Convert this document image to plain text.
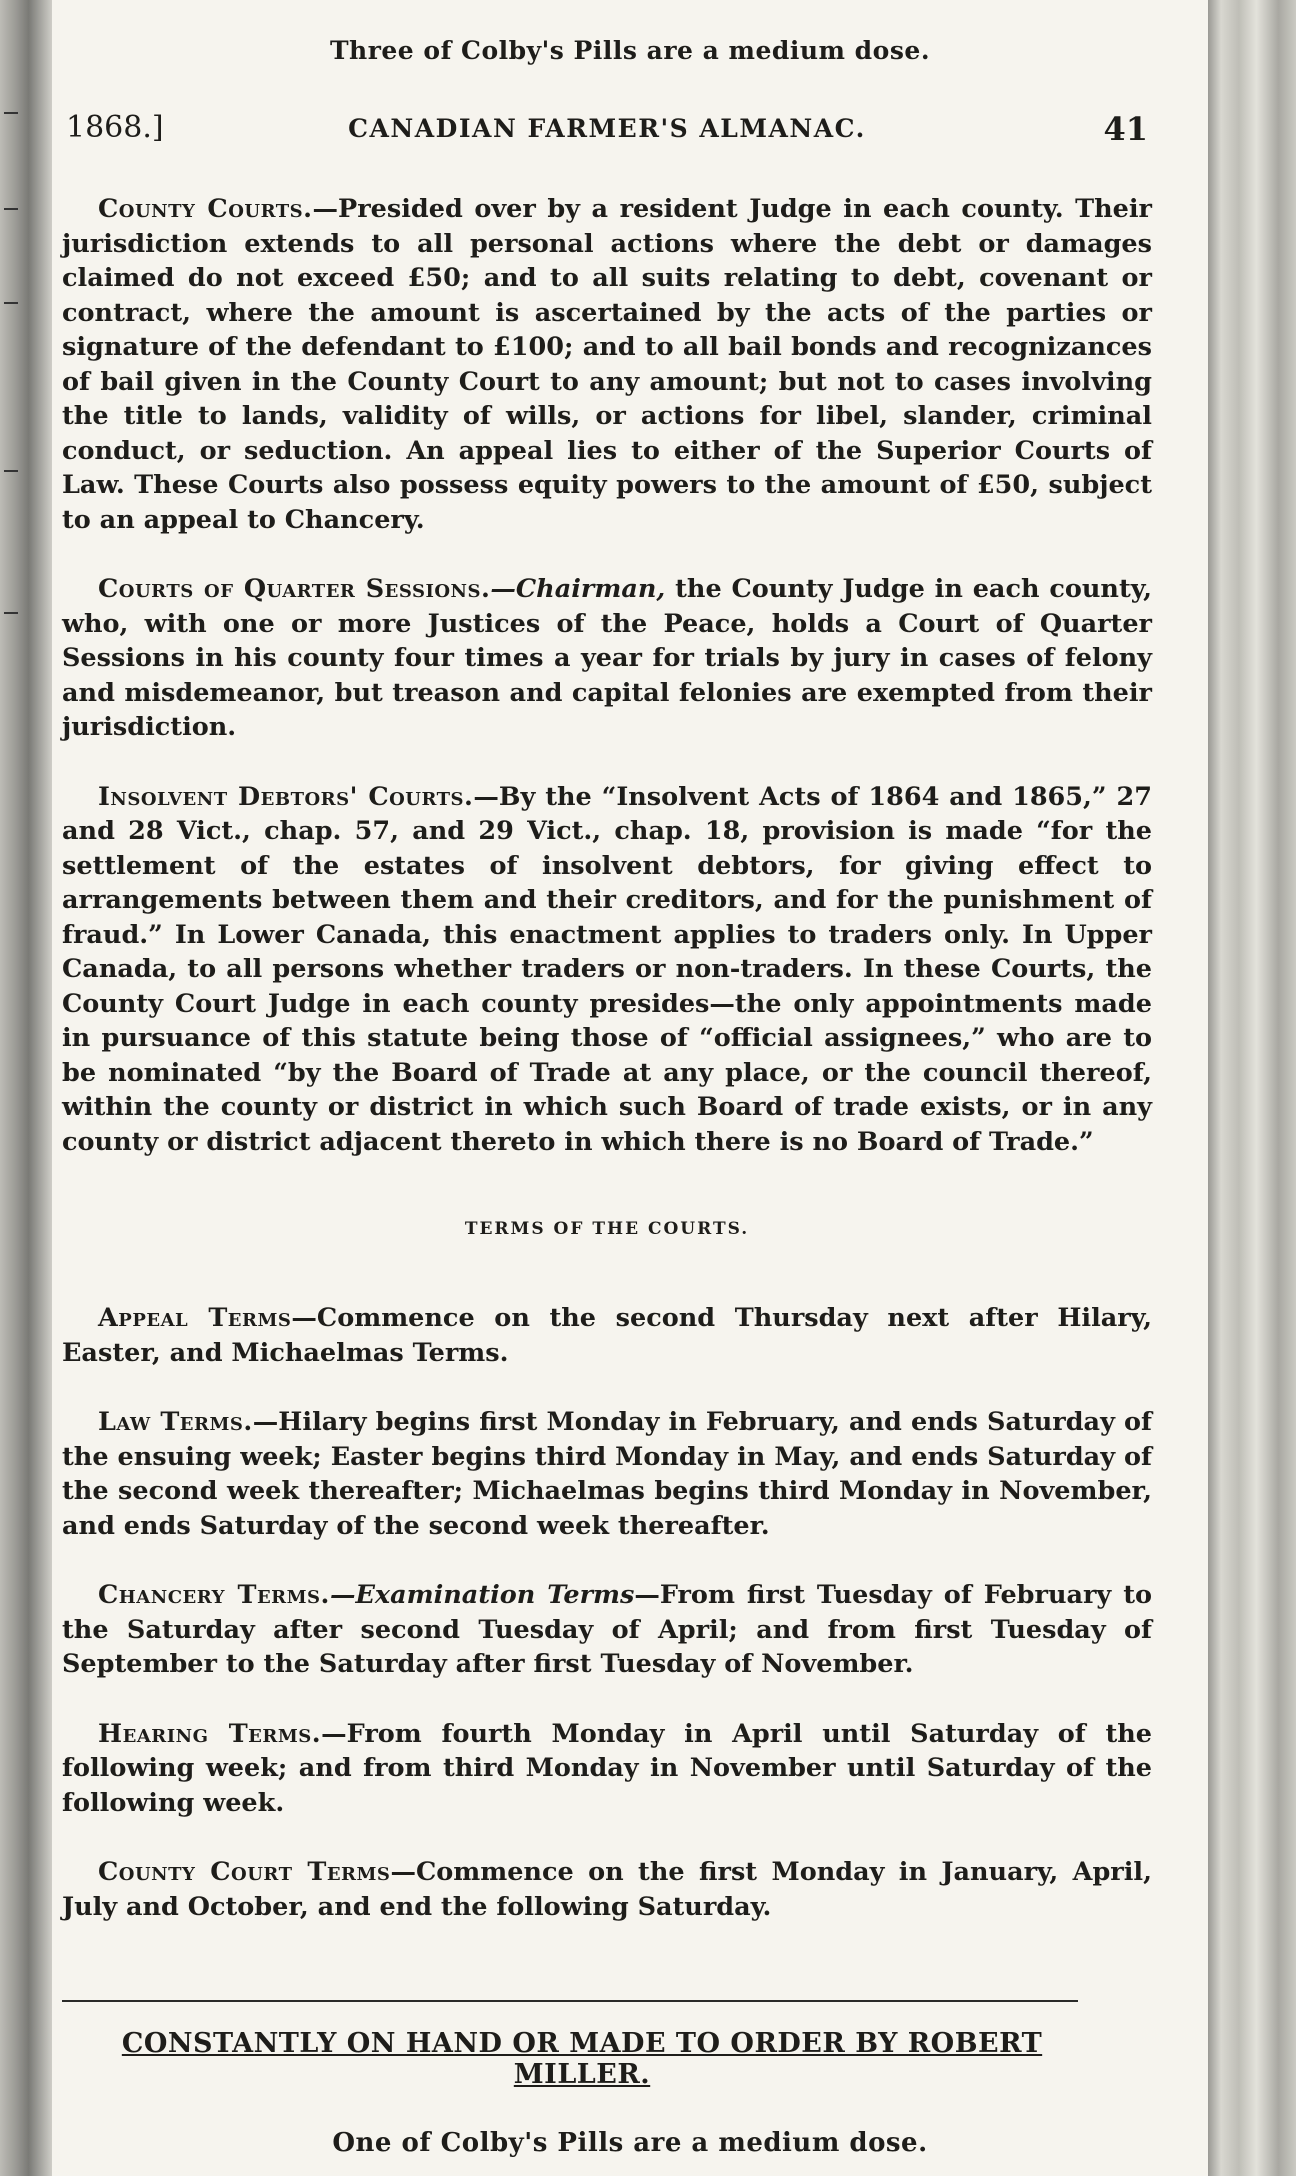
Three of Colby's Pills are a medium dose.
1868.]	CANADIAN FARMER'S ALMANAC.	41

County Courts.—Presided over by a resident Judge in each county. Their jurisdiction extends to all personal actions where the debt or damages claimed do not exceed £50; and to all suits relating to debt, covenant or contract, where the amount is ascertained by the acts of the parties or signature of the defendant to £100; and to all bail bonds and recognizances of bail given in the County Court to any amount; but not to cases involving the title to lands, validity of wills, or actions for libel, slander, criminal conduct, or seduction. An appeal lies to either of the Superior Courts of Law. These Courts also possess equity powers to the amount of £50, subject to an appeal to Chancery.

Courts of Quarter Sessions.—Chairman, the County Judge in each county, who, with one or more Justices of the Peace, holds a Court of Quarter Sessions in his county four times a year for trials by jury in cases of felony and misdemeanor, but treason and capital felonies are exempted from their jurisdiction.

Insolvent Debtors' Courts.—By the “Insolvent Acts of 1864 and 1865,” 27 and 28 Vict., chap. 57, and 29 Vict., chap. 18, provision is made “for the settlement of the estates of insolvent debtors, for giving effect to arrangements between them and their creditors, and for the punishment of fraud.” In Lower Canada, this enactment applies to traders only. In Upper Canada, to all persons whether traders or non-traders. In these Courts, the County Court Judge in each county presides—the only appointments made in pursuance of this statute being those of “official assignees,” who are to be nominated “by the Board of Trade at any place, or the council thereof, within the county or district in which such Board of trade exists, or in any county or district adjacent thereto in which there is no Board of Trade.”

TERMS OF THE COURTS.

Appeal Terms—Commence on the second Thursday next after Hilary, Easter, and Michaelmas Terms.

Law Terms.—Hilary begins first Monday in February, and ends Saturday of the ensuing week; Easter begins third Monday in May, and ends Saturday of the second week thereafter; Michaelmas begins third Monday in November, and ends Saturday of the second week thereafter.

Chancery Terms.—Examination Terms—From first Tuesday of February to the Saturday after second Tuesday of April; and from first Tuesday of September to the Saturday after first Tuesday of November.

Hearing Terms.—From fourth Monday in April until Saturday of the following week; and from third Monday in November until Saturday of the following week.

County Court Terms—Commence on the first Monday in January, April, July and October, and end the following Saturday.

CONSTANTLY ON HAND OR MADE TO ORDER BY ROBERT MILLER.
One of Colby's Pills are a medium dose.
